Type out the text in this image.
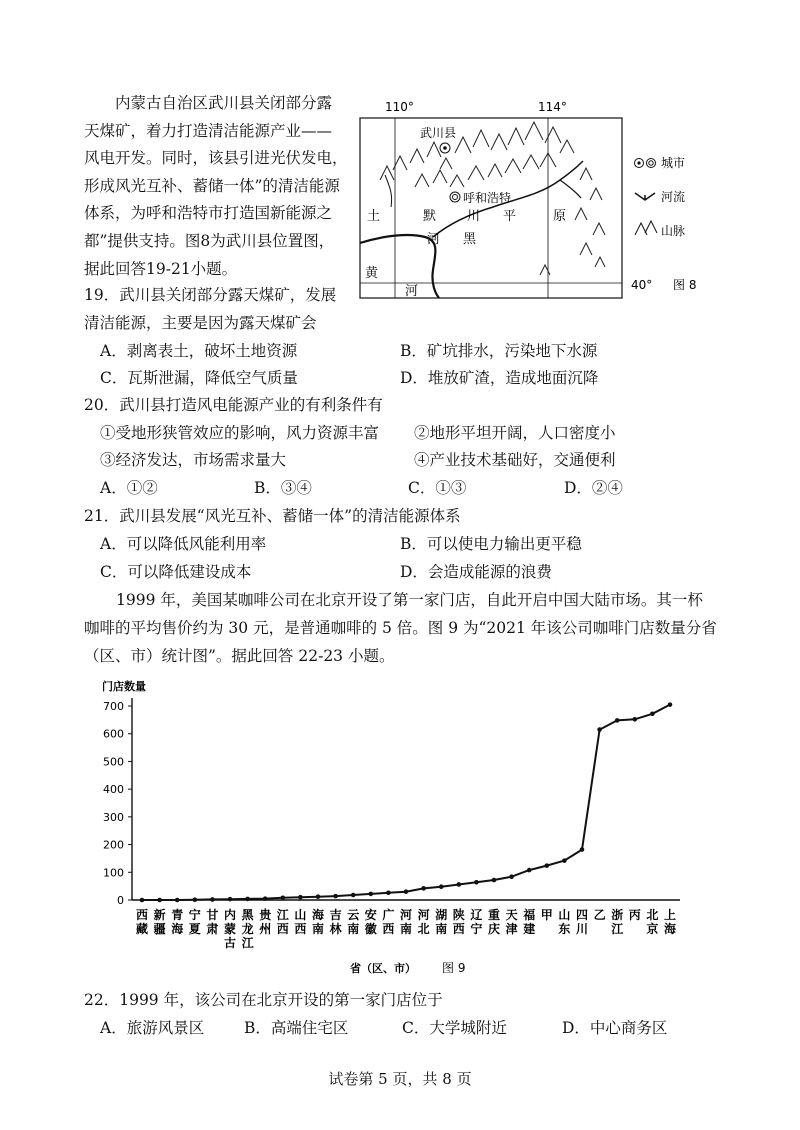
内蒙古自治区武川县关闭部分露
天煤矿，着力打造清洁能源产业——
风电开发。同时，该县引进光伏发电，
形成风光互补、蓄储一体”的清洁能源
体系，为呼和浩特市打造国新能源之
都”提供支持。图8为武川县位置图，
据此回答19-21小题。
110°	114°
40° 图 8
武川县
呼和浩特
土	默 川 平	原
河 黑
黄
河
城市
河流
山脉
19．武川县关闭部分露天煤矿，发展
清洁能源，主要是因为露天煤矿会
A．剥离表土，破坏土地资源	B．矿坑排水，污染地下水源
C．瓦斯泄漏，降低空气质量	D．堆放矿渣，造成地面沉降
20．武川县打造风电能源产业的有利条件有
①受地形狭管效应的影响，风力资源丰富 ②地形平坦开阔，人口密度小
③经济发达，市场需求量大	④产业技术基础好，交通便利
A．①②	B．③④	C．①③	D．②④
21．武川县发展“风光互补、蓄储一体”的清洁能源体系
A．可以降低风能利用率	B．可以使电力输出更平稳
C．可以降低建设成本	D．会造成能源的浪费
1999 年，美国某咖啡公司在北京开设了第一家门店，自此开启中国大陆市场。其一杯
咖啡的平均售价约为 30 元，是普通咖啡的 5 倍。图 9 为“2021 年该公司咖啡门店数量分省
（区、市）统计图”。据此回答 22-23 小题。
门店数量
700
600
500
400
300
200
100
0
西藏
新疆
青海
宁夏
甘肃
内蒙古
黑龙江
贵州
江西
山西
海南
吉林
云南
安徽
广西
河南
河北
湖南
陕西
辽宁
重庆
天津
福建
甲 山东
四川
乙 浙江
丙 北京
上海
省（区、市） 图 9
22．1999 年，该公司在北京开设的第一家门店位于
A．旅游风景区	B．高端住宅区	C．大学城附近	D．中心商务区
试卷第 5 页，共 8 页
